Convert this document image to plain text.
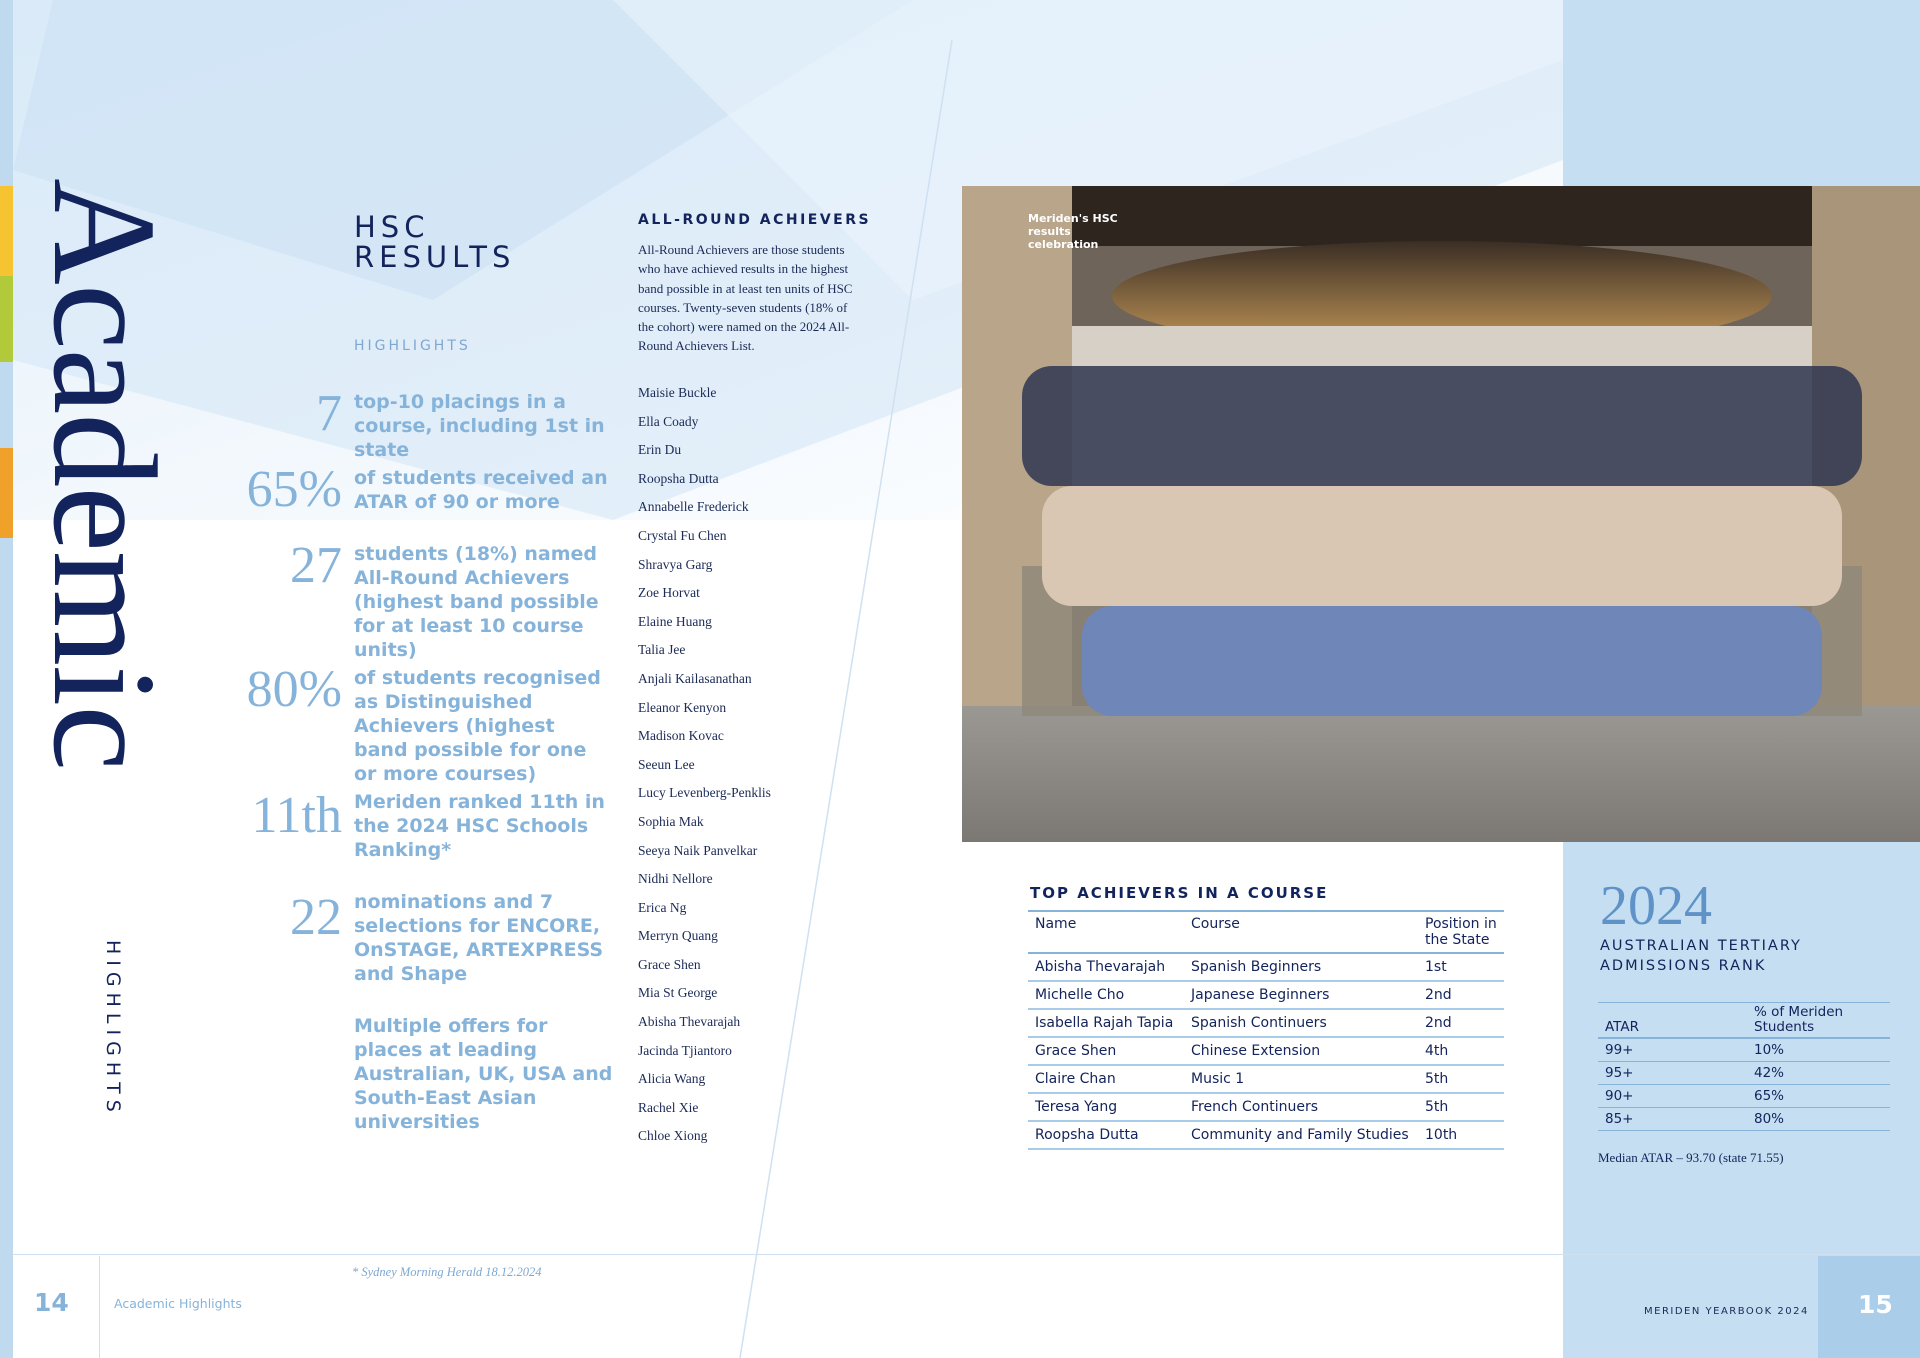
Academic
HIGHLIGHTS
HSC
RESULTS
HIGHLIGHTS
7 top-10 placings in a course, including 1st in state
65% of students received an ATAR of 90 or more
27 students (18%) named All-Round Achievers (highest band possible for at least 10 course units)
80% of students recognised as Distinguished Achievers (highest band possible for one or more courses)
11th Meriden ranked 11th in the 2024 HSC Schools Ranking*
22 nominations and 7 selections for ENCORE, OnSTAGE, ARTEXPRESS and Shape
Multiple offers for places at leading Australian, UK, USA and South-East Asian universities
ALL-ROUND ACHIEVERS
All-Round Achievers are those students who have achieved results in the highest band possible in at least ten units of HSC courses. Twenty-seven students (18% of the cohort) were named on the 2024 All-Round Achievers List.
Maisie Buckle
Ella Coady
Erin Du
Roopsha Dutta
Annabelle Frederick
Crystal Fu Chen
Shravya Garg
Zoe Horvat
Elaine Huang
Talia Jee
Anjali Kailasanathan
Eleanor Kenyon
Madison Kovac
Seeun Lee
Lucy Levenberg-Penklis
Sophia Mak
Seeya Naik Panvelkar
Nidhi Nellore
Erica Ng
Merryn Quang
Grace Shen
Mia St George
Abisha Thevarajah
Jacinda Tjiantoro
Alicia Wang
Rachel Xie
Chloe Xiong
Meriden's HSC results celebration
TOP ACHIEVERS IN A COURSE
Name	Course	Position in the State
Abisha Thevarajah	Spanish Beginners	1st
Michelle Cho	Japanese Beginners	2nd
Isabella Rajah Tapia	Spanish Continuers	2nd
Grace Shen	Chinese Extension	4th
Claire Chan	Music 1	5th
Teresa Yang	French Continuers	5th
Roopsha Dutta	Community and Family Studies	10th
2024
AUSTRALIAN TERTIARY
ADMISSIONS RANK
ATAR	% of Meriden Students
99+	10%
95+	42%
90+	65%
85+	80%
Median ATAR – 93.70 (state 71.55)
14	Academic Highlights
* Sydney Morning Herald 18.12.2024
15
MERIDEN YEARBOOK 2024
